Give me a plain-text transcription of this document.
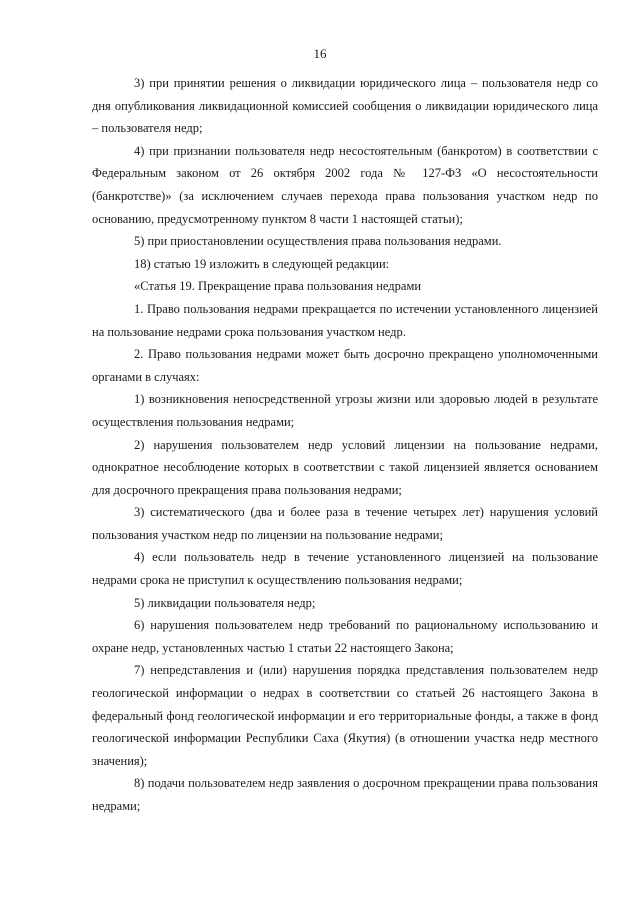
16

3) при принятии решения о ликвидации юридического лица – пользователя недр со дня опубликования ликвидационной комиссией сообщения о ликвидации юридического лица – пользователя недр;

4) при признании пользователя недр несостоятельным (банкротом) в соответствии с Федеральным законом от 26 октября 2002 года № 127-ФЗ «О несостоятельности (банкротстве)» (за исключением случаев перехода права пользования участком недр по основанию, предусмотренному пунктом 8 части 1 настоящей статьи);

5) при приостановлении осуществления права пользования недрами.

18) статью 19 изложить в следующей редакции:

«Статья 19. Прекращение права пользования недрами

1. Право пользования недрами прекращается по истечении установленного лицензией на пользование недрами срока пользования участком недр.

2. Право пользования недрами может быть досрочно прекращено уполномоченными органами в случаях:

1) возникновения непосредственной угрозы жизни или здоровью людей в результате осуществления пользования недрами;

2) нарушения пользователем недр условий лицензии на пользование недрами, однократное несоблюдение которых в соответствии с такой лицензией является основанием для досрочного прекращения права пользования недрами;

3) систематического (два и более раза в течение четырех лет) нарушения условий пользования участком недр по лицензии на пользование недрами;

4) если пользователь недр в течение установленного лицензией на пользование недрами срока не приступил к осуществлению пользования недрами;

5) ликвидации пользователя недр;

6) нарушения пользователем недр требований по рациональному использованию и охране недр, установленных частью 1 статьи 22 настоящего Закона;

7) непредставления и (или) нарушения порядка представления пользователем недр геологической информации о недрах в соответствии со статьей 26 настоящего Закона в федеральный фонд геологической информации и его территориальные фонды, а также в фонд геологической информации Республики Саха (Якутия) (в отношении участка недр местного значения);

8) подачи пользователем недр заявления о досрочном прекращении права пользования недрами;
